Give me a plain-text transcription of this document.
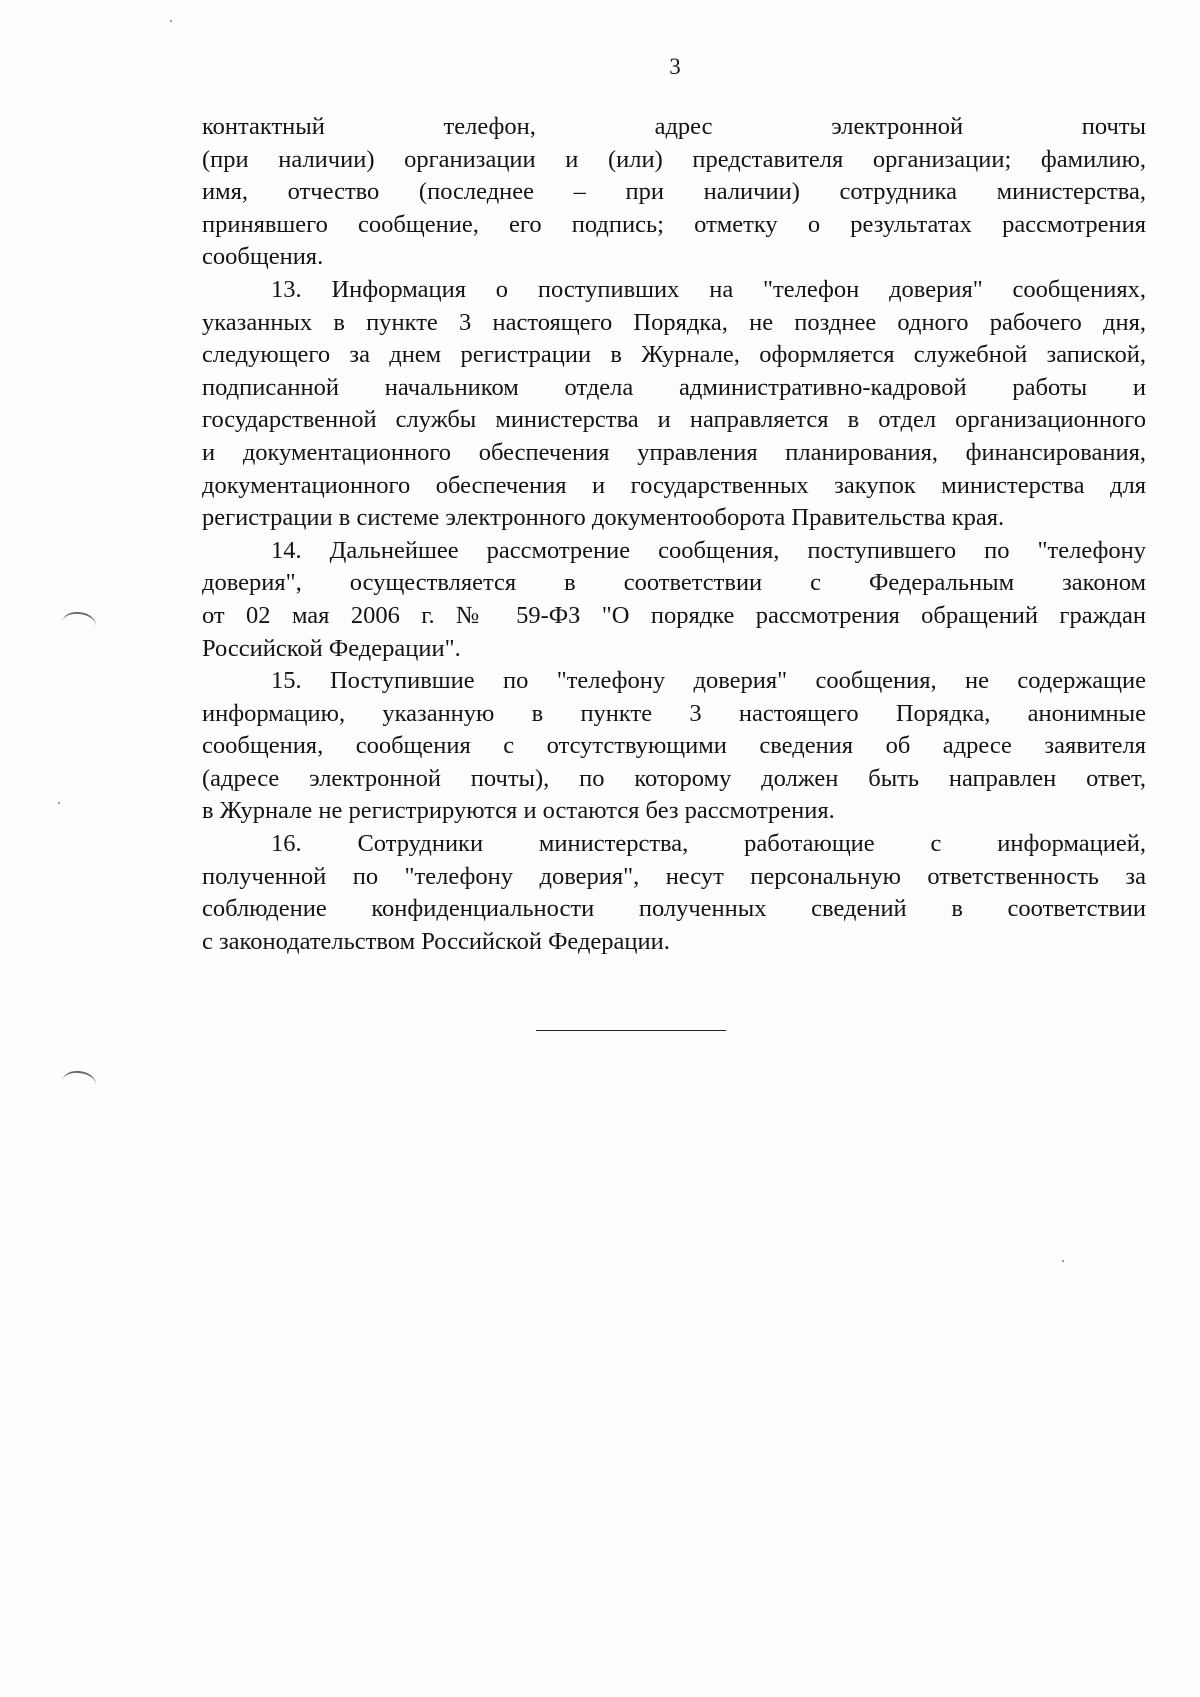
3
контактный телефон, адрес электронной почты
(при наличии) организации и (или) представителя организации; фамилию,
имя, отчество (последнее – при наличии) сотрудника министерства,
принявшего сообщение, его подпись; отметку о результатах рассмотрения
сообщения.
13. Информация о поступивших на "телефон доверия" сообщениях,
указанных в пункте 3 настоящего Порядка, не позднее одного рабочего дня,
следующего за днем регистрации в Журнале, оформляется служебной запиской,
подписанной начальником отдела административно-кадровой работы и
государственной службы министерства и направляется в отдел организационного
и документационного обеспечения управления планирования, финансирования,
документационного обеспечения и государственных закупок министерства для
регистрации в системе электронного документооборота Правительства края.
14. Дальнейшее рассмотрение сообщения, поступившего по "телефону
доверия", осуществляется в соответствии с Федеральным законом
от 02 мая 2006 г. № 59-ФЗ "О порядке рассмотрения обращений граждан
Российской Федерации".
15. Поступившие по "телефону доверия" сообщения, не содержащие
информацию, указанную в пункте 3 настоящего Порядка, анонимные
сообщения, сообщения с отсутствующими сведения об адресе заявителя
(адресе электронной почты), по которому должен быть направлен ответ,
в Журнале не регистрируются и остаются без рассмотрения.
16. Сотрудники министерства, работающие с информацией,
полученной по "телефону доверия", несут персональную ответственность за
соблюдение конфиденциальности полученных сведений в соответствии
с законодательством Российской Федерации.
